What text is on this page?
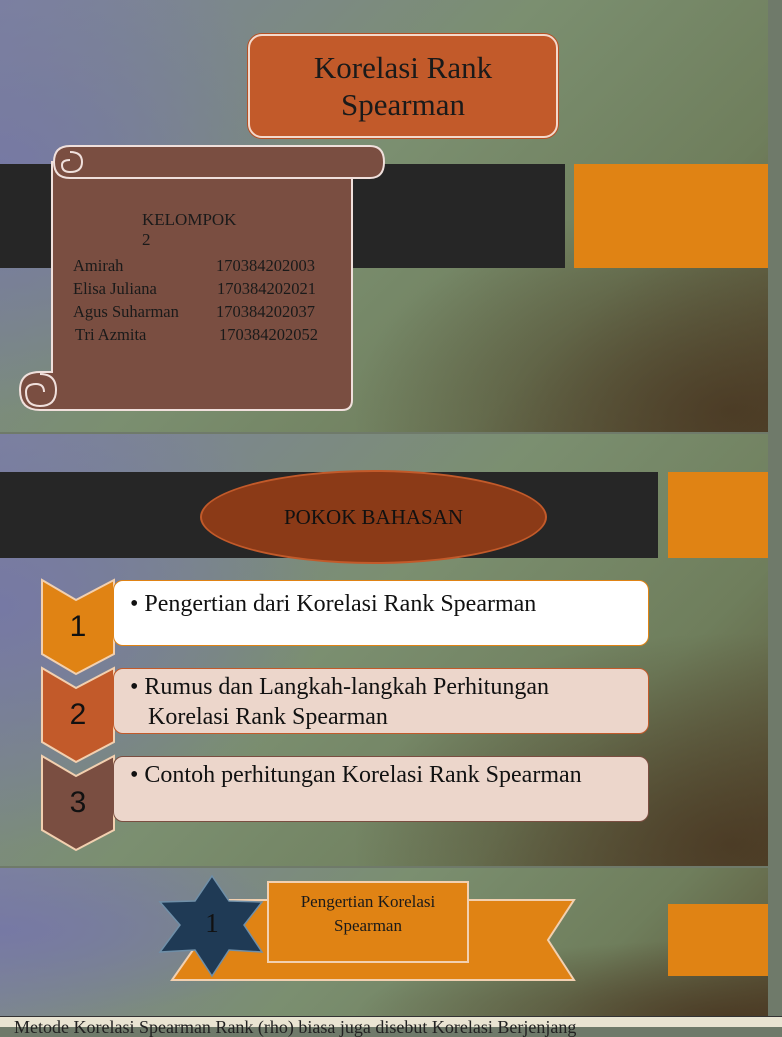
Korelasi Rank
Spearman
KELOMPOK 2
Amirah	170384202003
Elisa Juliana	170384202021
Agus Suharman 170384202037
Tri Azmita	170384202052
POKOK BAHASAN
1
2
3
• Pengertian dari Korelasi Rank Spearman
• Rumus dan Langkah-langkah Perhitungan Korelasi Rank Spearman
• Contoh perhitungan Korelasi Rank Spearman
1
Pengertian Korelasi
Spearman
Metode Korelasi Spearman Rank (rho) biasa juga disebut Korelasi Berjenjang
